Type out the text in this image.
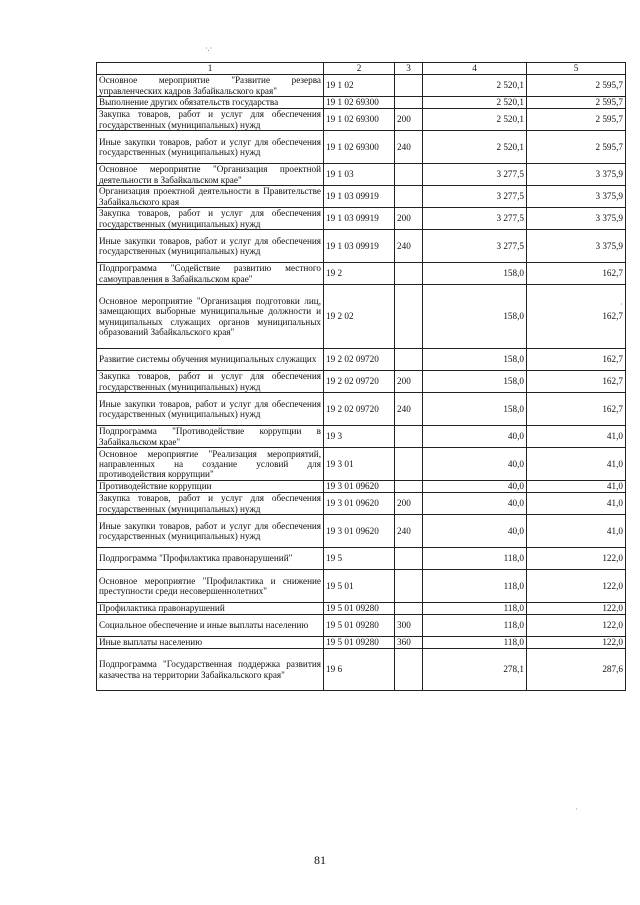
1	2	3	4	5
Основное мероприятие "Развитие резерва управленческих кадров Забайкальского края"	19 1 02		2 520,1	2 595,7
Выполнение других обязательств государства	19 1 02 69300		2 520,1	2 595,7
Закупка товаров, работ и услуг для обеспечения государственных (муниципальных) нужд	19 1 02 69300	200	2 520,1	2 595,7
Иные закупки товаров, работ и услуг для обеспечения государственных (муниципальных) нужд	19 1 02 69300	240	2 520,1	2 595,7
Основное мероприятие "Организация проектной деятельности в Забайкальском крае"	19 1 03		3 277,5	3 375,9
Организация проектной деятельности в Правительстве Забайкальского края	19 1 03 09919		3 277,5	3 375,9
Закупка товаров, работ и услуг для обеспечения государственных (муниципальных) нужд	19 1 03 09919	200	3 277,5	3 375,9
Иные закупки товаров, работ и услуг для обеспечения государственных (муниципальных) нужд	19 1 03 09919	240	3 277,5	3 375,9
Подпрограмма "Содействие развитию местного самоуправления в Забайкальском крае"	19 2		158,0	162,7
Основное мероприятие "Организация подготовки лиц, замещающих выборные муниципальные должности и муниципальных служащих органов муниципальных образований Забайкальского края"	19 2 02		158,0	162,7
Развитие системы обучения муниципальных служащих	19 2 02 09720		158,0	162,7
Закупка товаров, работ и услуг для обеспечения государственных (муниципальных) нужд	19 2 02 09720	200	158,0	162,7
Иные закупки товаров, работ и услуг для обеспечения государственных (муниципальных) нужд	19 2 02 09720	240	158,0	162,7
Подпрограмма "Противодействие коррупции в Забайкальском крае"	19 3		40,0	41,0
Основное мероприятие "Реализация мероприятий, направленных на создание условий для противодействия коррупции"	19 3 01		40,0	41,0
Противодействие коррупции	19 3 01 09620		40,0	41,0
Закупка товаров, работ и услуг для обеспечения государственных (муниципальных) нужд	19 3 01 09620	200	40,0	41,0
Иные закупки товаров, работ и услуг для обеспечения государственных (муниципальных) нужд	19 3 01 09620	240	40,0	41,0
Подпрограмма "Профилактика правонарушений"	19 5		118,0	122,0
Основное мероприятие "Профилактика и снижение преступности среди несовершеннолетних"	19 5 01		118,0	122,0
Профилактика правонарушений	19 5 01 09280		118,0	122,0
Социальное обеспечение и иные выплаты населению	19 5 01 09280	300	118,0	122,0
Иные выплаты населению	19 5 01 09280	360	118,0	122,0
Подпрограмма "Государственная поддержка развития казачества на территории Забайкальского края"	19 6		278,1	287,6
·.·
·
·
81
